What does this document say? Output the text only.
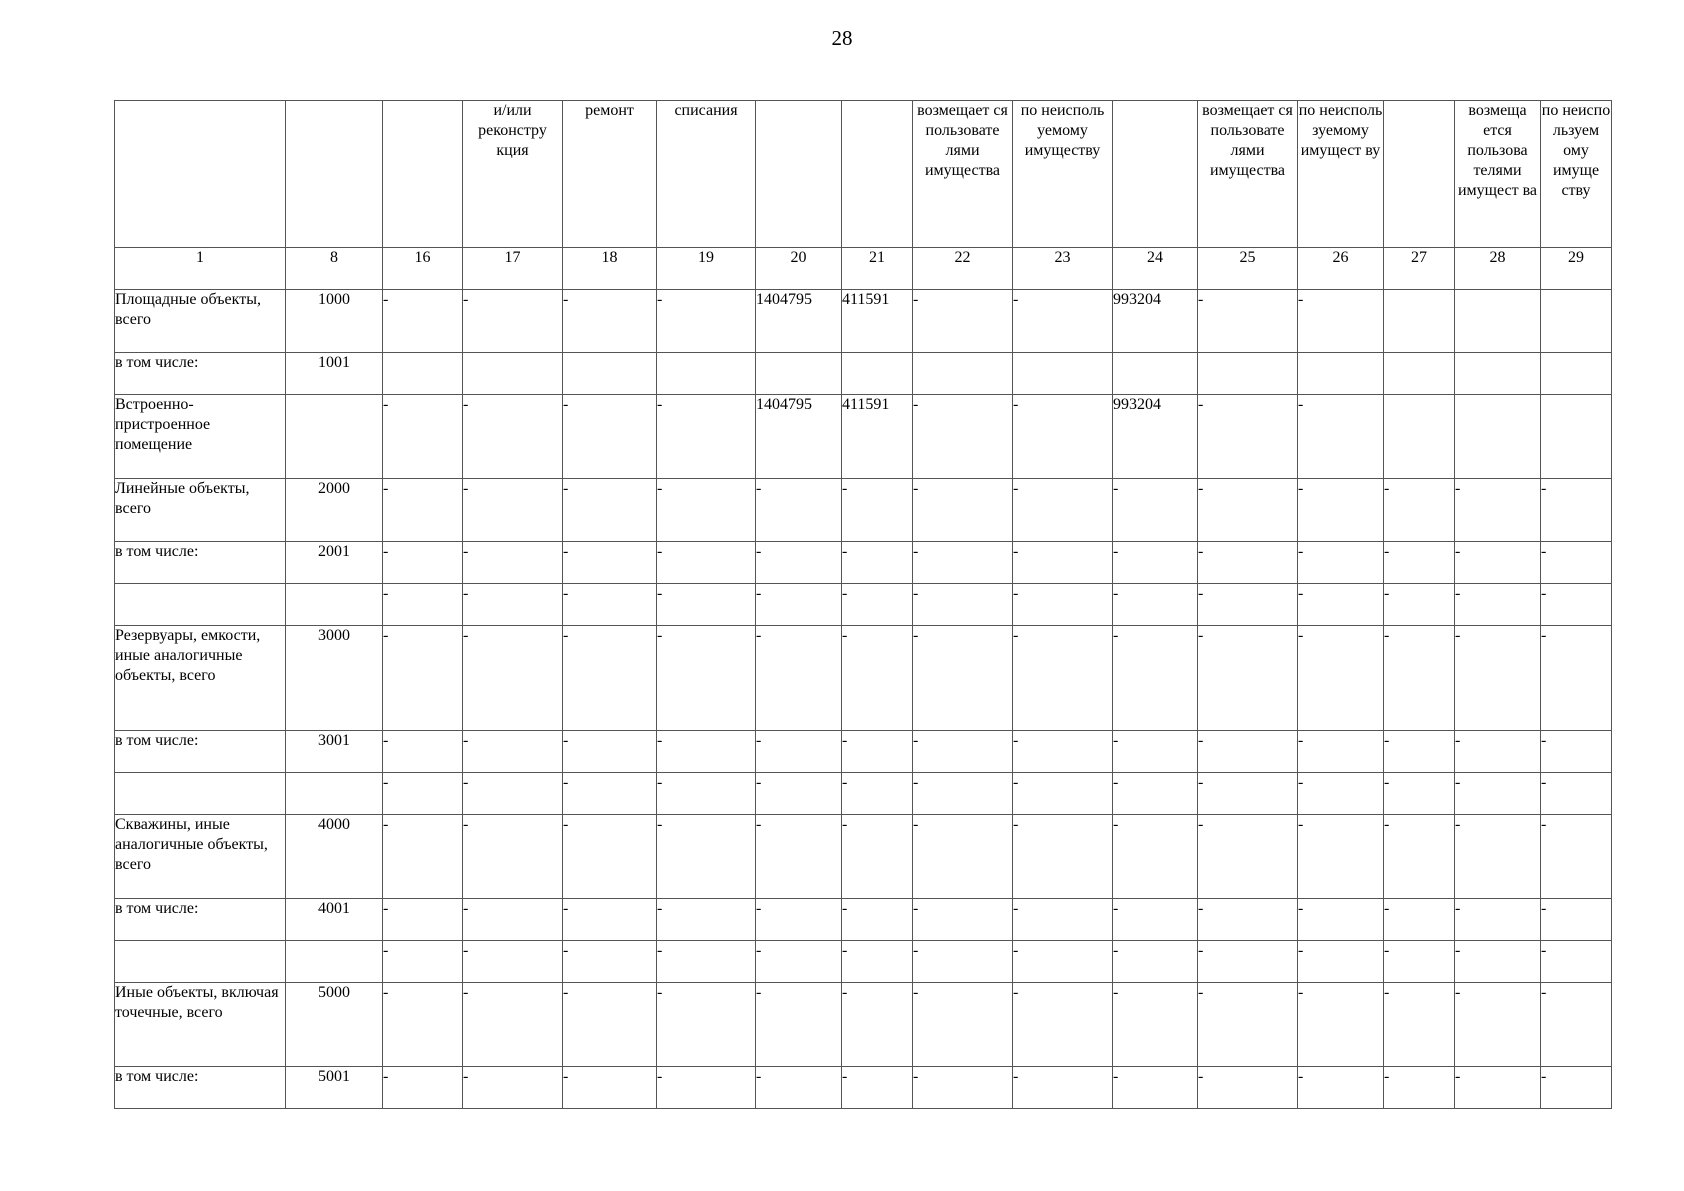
28
			и/или реконстру кция	ремонт	списания			возмещает ся пользовате лями имущества	по неисполь уемому имуществу		возмещает ся пользовате лями имущества	по неисполь зуемому имущест ву		возмеща ется пользова телями имущест ва	по неиспо льзуем ому имуще ству
1	8	16	17	18	19	20	21	22	23	24	25	26	27	28	29
Площадные объекты, всего	1000	-	-	-	-	1404795	411591	-	-	993204	-	-			
в том числе:	1001														
Встроенно-пристроенное помещение		-	-	-	-	1404795	411591	-	-	993204	-	-			
Линейные объекты, всего	2000	-	-	-	-	-	-	-	-	-	-	-	-	-	-
в том числе:	2001	-	-	-	-	-	-	-	-	-	-	-	-	-	-
		-	-	-	-	-	-	-	-	-	-	-	-	-	-
Резервуары, емкости, иные аналогичные объекты, всего	3000	-	-	-	-	-	-	-	-	-	-	-	-	-	-
в том числе:	3001	-	-	-	-	-	-	-	-	-	-	-	-	-	-
		-	-	-	-	-	-	-	-	-	-	-	-	-	-
Скважины, иные аналогичные объекты, всего	4000	-	-	-	-	-	-	-	-	-	-	-	-	-	-
в том числе:	4001	-	-	-	-	-	-	-	-	-	-	-	-	-	-
		-	-	-	-	-	-	-	-	-	-	-	-	-	-
Иные объекты, включая точечные, всего	5000	-	-	-	-	-	-	-	-	-	-	-	-	-	-
в том числе:	5001	-	-	-	-	-	-	-	-	-	-	-	-	-	-
